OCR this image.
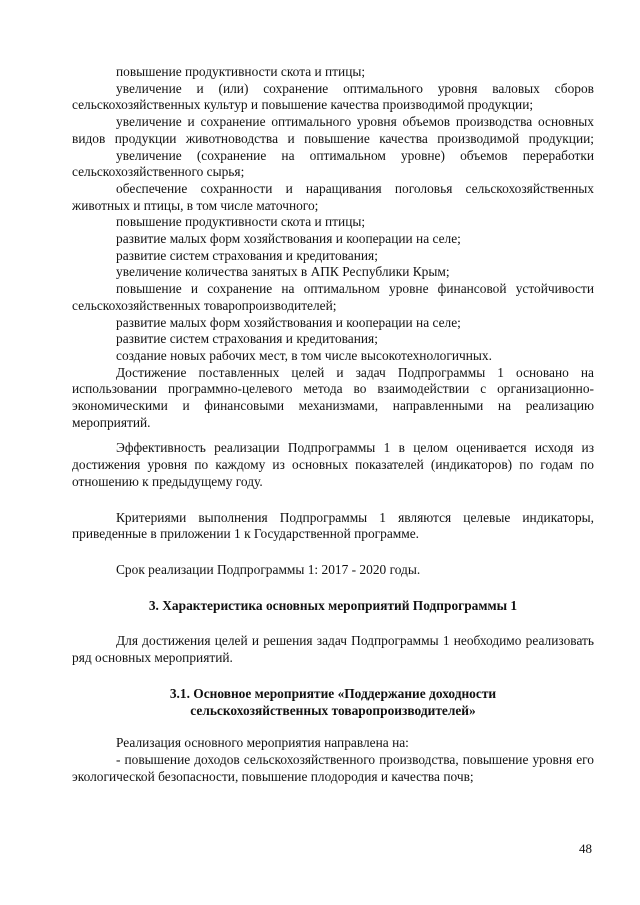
повышение продуктивности скота и птицы;

увеличение и (или) сохранение оптимального уровня валовых сборов сельскохозяйственных культур и повышение качества производимой продукции;

увеличение и сохранение оптимального уровня объемов производства основных видов продукции животноводства и повышение качества производимой продукции;

увеличение (сохранение на оптимальном уровне) объемов переработки сельскохозяйственного сырья;

обеспечение сохранности и наращивания поголовья сельскохозяйственных животных и птицы, в том числе маточного;

повышение продуктивности скота и птицы;

развитие малых форм хозяйствования и кооперации на селе;

развитие систем страхования и кредитования;

увеличение количества занятых в АПК Республики Крым;

повышение и сохранение на оптимальном уровне финансовой устойчивости сельскохозяйственных товаропроизводителей;

развитие малых форм хозяйствования и кооперации на селе;

развитие систем страхования и кредитования;

создание новых рабочих мест, в том числе высокотехнологичных.

Достижение поставленных целей и задач Подпрограммы 1 основано на использовании программно-целевого метода во взаимодействии с организационно-экономическими и финансовыми механизмами, направленными на реализацию мероприятий.

Эффективность реализации Подпрограммы 1 в целом оценивается исходя из достижения уровня по каждому из основных показателей (индикаторов) по годам по отношению к предыдущему году.

Критериями выполнения Подпрограммы 1 являются целевые индикаторы, приведенные в приложении 1 к Государственной программе.

Срок реализации Подпрограммы 1: 2017 - 2020 годы.

3. Характеристика основных мероприятий Подпрограммы 1

Для достижения целей и решения задач Подпрограммы 1 необходимо реализовать ряд основных мероприятий.

3.1. Основное мероприятие «Поддержание доходности
сельскохозяйственных товаропроизводителей»

Реализация основного мероприятия направлена на:

- повышение доходов сельскохозяйственного производства, повышение уровня его экологической безопасности, повышение плодородия и качества почв;

48
